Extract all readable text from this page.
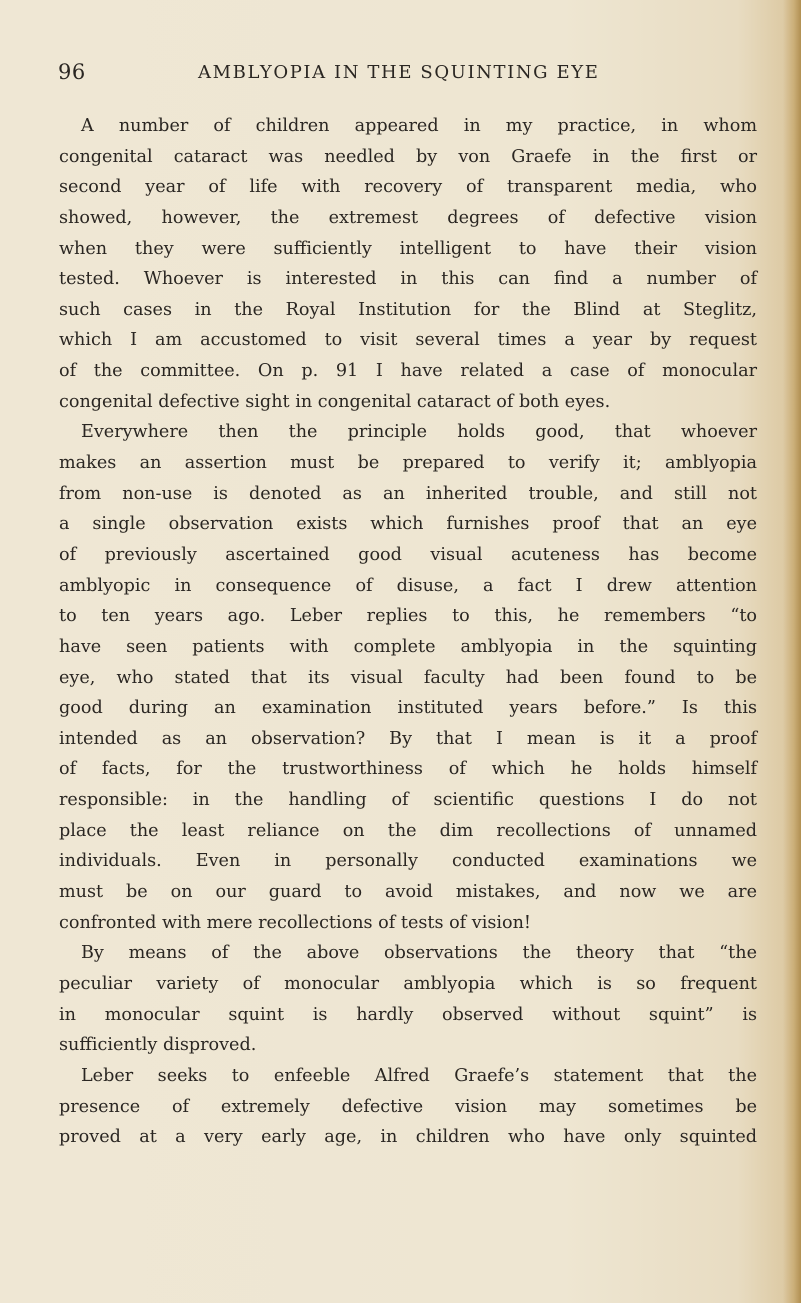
96	AMBLYOPIA IN THE SQUINTING EYE
A number of children appeared in my practice, in whom
congenital cataract was needled by von Graefe in the first or
second year of life with recovery of transparent media, who
showed, however, the extremest degrees of defective vision
when they were sufficiently intelligent to have their vision
tested. Whoever is interested in this can find a number of
such cases in the Royal Institution for the Blind at Steglitz,
which I am accustomed to visit several times a year by request
of the committee. On p. 91 I have related a case of monocular
congenital defective sight in congenital cataract of both eyes.
Everywhere then the principle holds good, that whoever
makes an assertion must be prepared to verify it; amblyopia
from non-use is denoted as an inherited trouble, and still not
a single observation exists which furnishes proof that an eye
of previously ascertained good visual acuteness has become
amblyopic in consequence of disuse, a fact I drew attention
to ten years ago. Leber replies to this, he remembers “to
have seen patients with complete amblyopia in the squinting
eye, who stated that its visual faculty had been found to be
good during an examination instituted years before.” Is this
intended as an observation? By that I mean is it a proof
of facts, for the trustworthiness of which he holds himself
responsible: in the handling of scientific questions I do not
place the least reliance on the dim recollections of unnamed
individuals. Even in personally conducted examinations we
must be on our guard to avoid mistakes, and now we are
confronted with mere recollections of tests of vision!
By means of the above observations the theory that “the
peculiar variety of monocular amblyopia which is so frequent
in monocular squint is hardly observed without squint” is
sufficiently disproved.
Leber seeks to enfeeble Alfred Graefe’s statement that the
presence of extremely defective vision may sometimes be
proved at a very early age, in children who have only squinted
